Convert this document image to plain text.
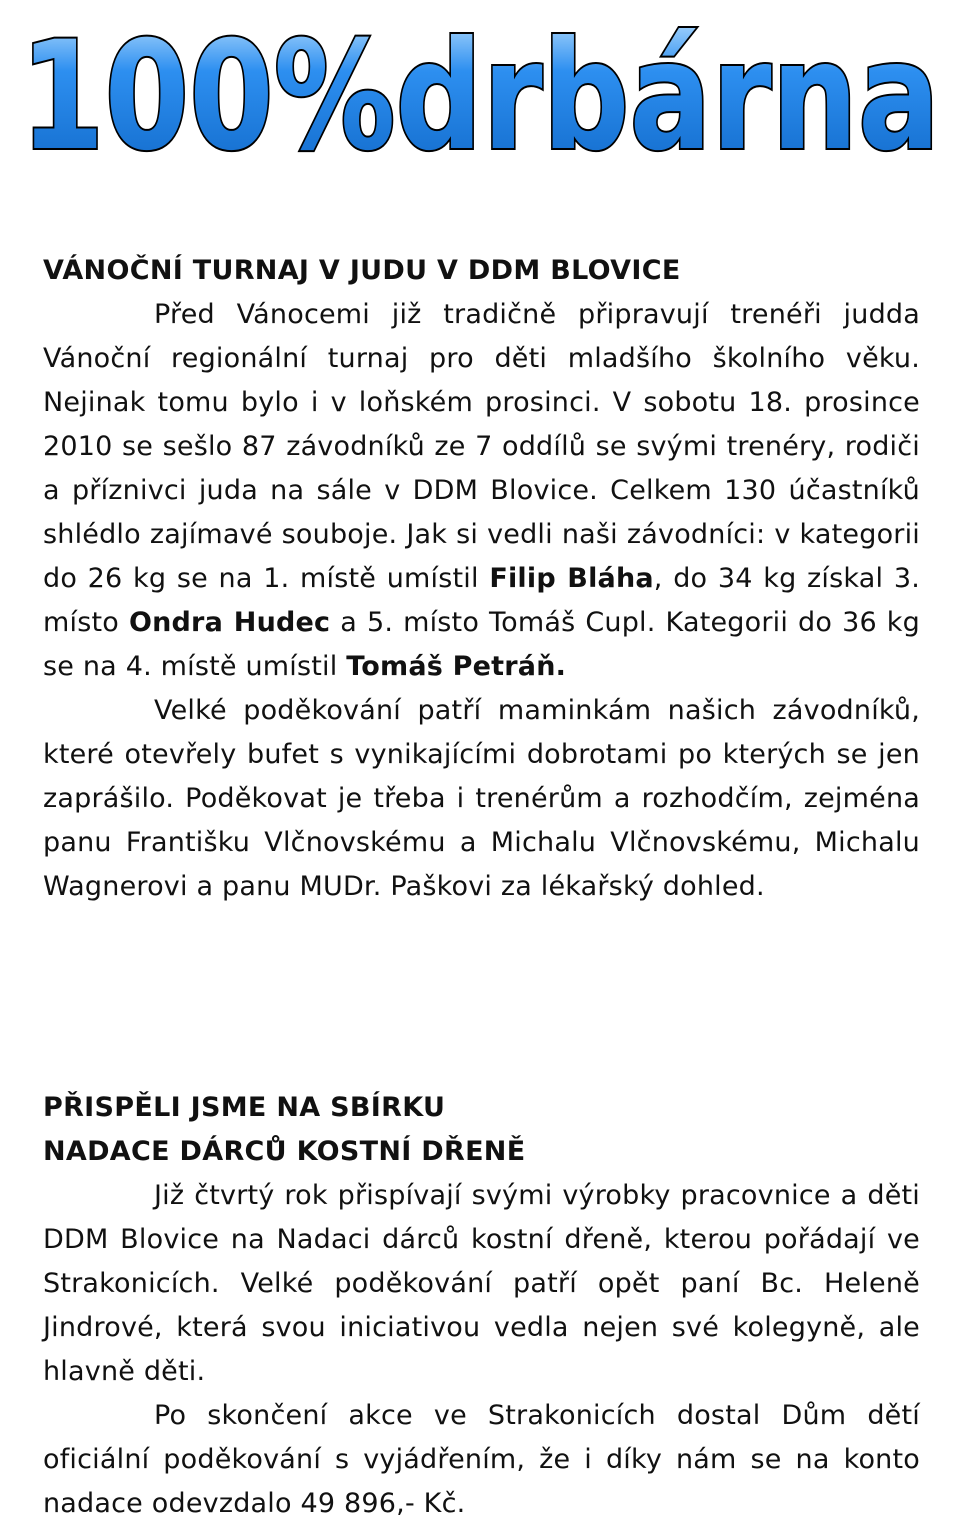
100%drbárna
VÁNOČNÍ TURNAJ V JUDU V DDM BLOVICE

Před Vánocemi již tradičně připravují trenéři judda Vánoční regionální turnaj pro děti mladšího školního věku. Nejinak tomu bylo i v loňském prosinci. V sobotu 18. prosince 2010 se sešlo 87 závodníků ze 7 oddílů se svými trenéry, rodiči a příznivci juda na sále v DDM Blovice. Celkem 130 účastníků shlédlo zajímavé souboje. Jak si vedli naši závodníci: v kategorii do 26 kg se na 1. místě umístil Filip Bláha, do 34 kg získal 3. místo Ondra Hudec a 5. místo Tomáš Cupl. Kategorii do 36 kg se na 4. místě umístil Tomáš Petráň.

Velké poděkování patří maminkám našich závodníků, které otevřely bufet s vynikajícími dobrotami po kterých se jen zaprášilo. Poděkovat je třeba i trenérům a rozhodčím, zejména panu Františku Vlčnovskému a Michalu Vlčnovskému, Michalu Wagnerovi a panu MUDr. Paškovi za lékařský dohled.

PŘISPĚLI JSME NA SBÍRKU
NADACE DÁRCŮ KOSTNÍ DŘENĚ

Již čtvrtý rok přispívají svými výrobky pracovnice a děti DDM Blovice na Nadaci dárců kostní dřeně, kterou pořádají ve Strakonicích. Velké poděkování patří opět paní Bc. Heleně Jindrové, která svou iniciativou vedla nejen své kolegyně, ale hlavně děti.

Po skončení akce ve Strakonicích dostal Dům dětí oficiální poděkování s vyjádřením, že i díky nám se na konto nadace odevzdalo 49 896,- Kč.
